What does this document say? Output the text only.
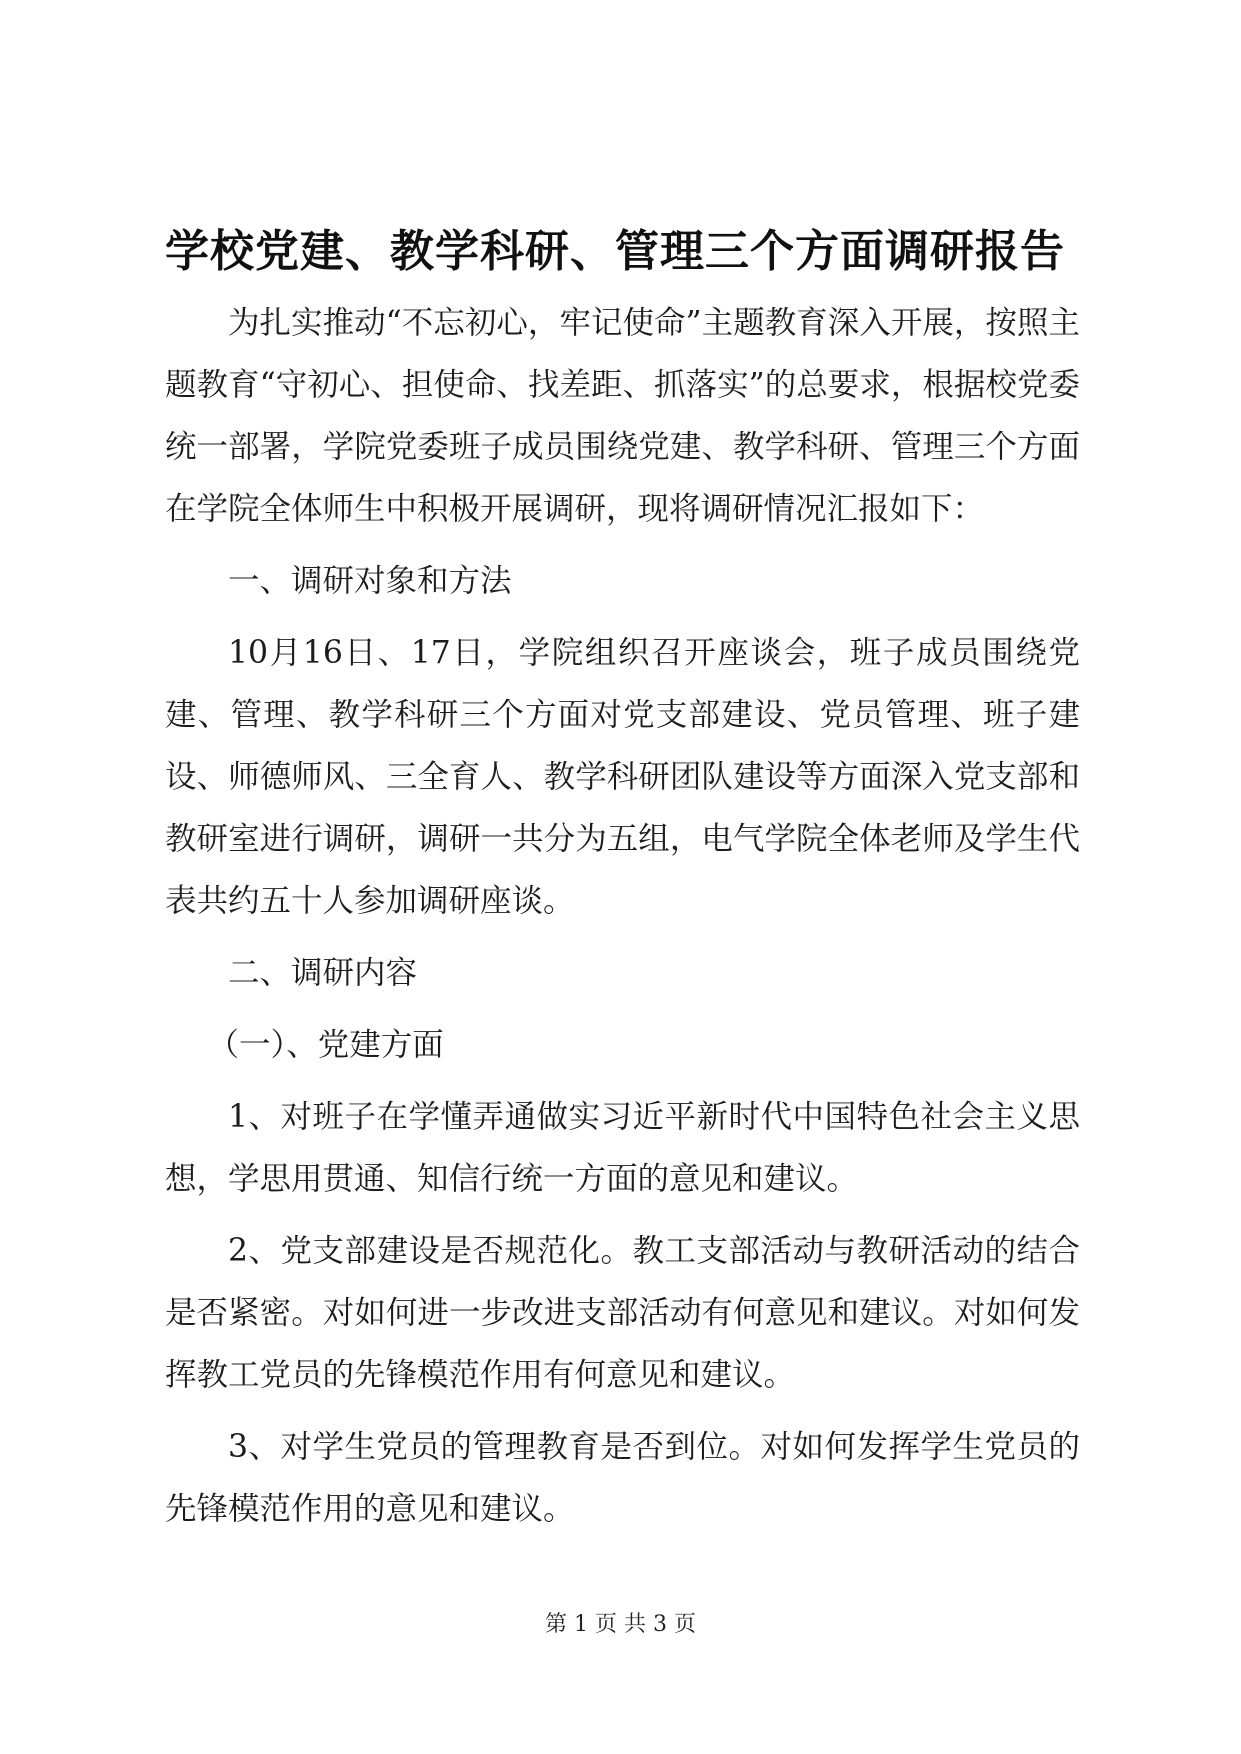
学校党建、教学科研、管理三个方面调研报告

为扎实推动“不忘初心，牢记使命”主题教育深入开展，按照主题教育“守初心、担使命、找差距、抓落实”的总要求，根据校党委统一部署，学院党委班子成员围绕党建、教学科研、管理三个方面在学院全体师生中积极开展调研，现将调研情况汇报如下：

一、调研对象和方法

10月16日、17日，学院组织召开座谈会，班子成员围绕党建、管理、教学科研三个方面对党支部建设、党员管理、班子建设、师德师风、三全育人、教学科研团队建设等方面深入党支部和教研室进行调研，调研一共分为五组，电气学院全体老师及学生代表共约五十人参加调研座谈。

二、调研内容

（一）、党建方面

1、对班子在学懂弄通做实习近平新时代中国特色社会主义思想，学思用贯通、知信行统一方面的意见和建议。

2、党支部建设是否规范化。教工支部活动与教研活动的结合是否紧密。对如何进一步改进支部活动有何意见和建议。对如何发挥教工党员的先锋模范作用有何意见和建议。

3、对学生党员的管理教育是否到位。对如何发挥学生党员的先锋模范作用的意见和建议。

第 1 页 共 3 页
